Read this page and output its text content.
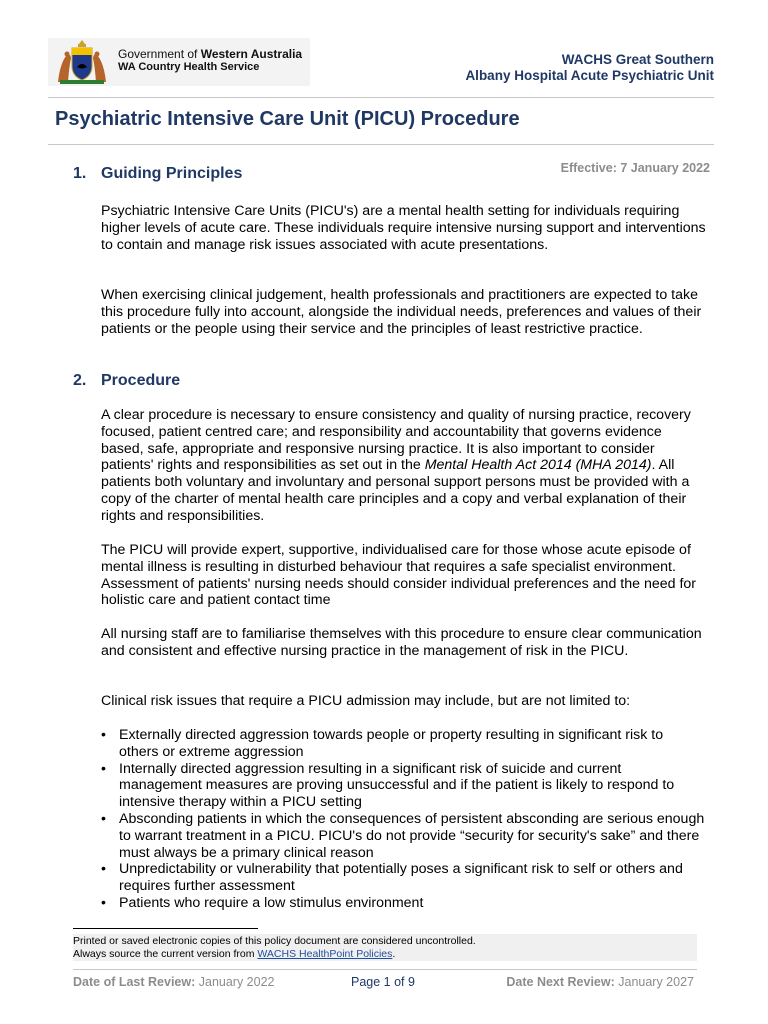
Government of Western Australia
WA Country Health Service	WACHS Great Southern
Albany Hospital Acute Psychiatric Unit
Psychiatric Intensive Care Unit (PICU) Procedure
Effective: 7 January 2022
1. Guiding Principles

Psychiatric Intensive Care Units (PICU's) are a mental health setting for individuals requiring higher levels of acute care. These individuals require intensive nursing support and interventions to contain and manage risk issues associated with acute presentations.

When exercising clinical judgement, health professionals and practitioners are expected to take this procedure fully into account, alongside the individual needs, preferences and values of their patients or the people using their service and the principles of least restrictive practice.

2. Procedure

A clear procedure is necessary to ensure consistency and quality of nursing practice, recovery focused, patient centred care; and responsibility and accountability that governs evidence based, safe, appropriate and responsive nursing practice. It is also important to consider patients' rights and responsibilities as set out in the Mental Health Act 2014 (MHA 2014). All patients both voluntary and involuntary and personal support persons must be provided with a copy of the charter of mental health care principles and a copy and verbal explanation of their rights and responsibilities.

The PICU will provide expert, supportive, individualised care for those whose acute episode of mental illness is resulting in disturbed behaviour that requires a safe specialist environment. Assessment of patients' nursing needs should consider individual preferences and the need for holistic care and patient contact time

All nursing staff are to familiarise themselves with this procedure to ensure clear communication and consistent and effective nursing practice in the management of risk in the PICU.

Clinical risk issues that require a PICU admission may include, but are not limited to:

• Externally directed aggression towards people or property resulting in significant risk to others or extreme aggression
• Internally directed aggression resulting in a significant risk of suicide and current management measures are proving unsuccessful and if the patient is likely to respond to intensive therapy within a PICU setting
• Absconding patients in which the consequences of persistent absconding are serious enough to warrant treatment in a PICU. PICU's do not provide “security for security's sake” and there must always be a primary clinical reason
• Unpredictability or vulnerability that potentially poses a significant risk to self or others and requires further assessment
• Patients who require a low stimulus environment
Printed or saved electronic copies of this policy document are considered uncontrolled.
Always source the current version from WACHS HealthPoint Policies.
Date of Last Review: January 2022	Page 1 of 9	Date Next Review: January 2027
